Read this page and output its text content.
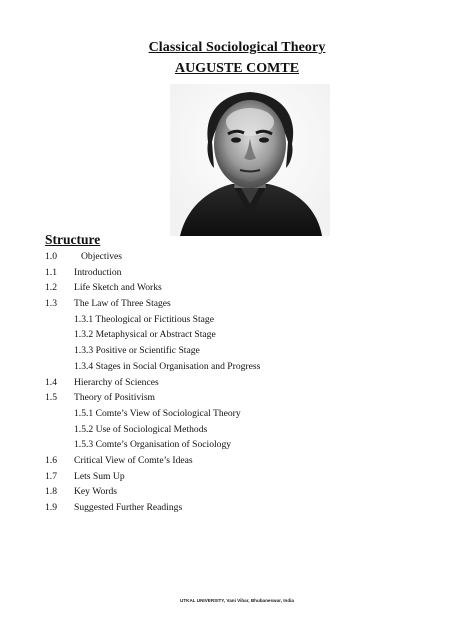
Classical Sociological Theory
AUGUSTE COMTE
Structure
1.0	Objectives
1.1 Introduction
1.2 Life Sketch and Works
1.3 The Law of Three Stages
1.3.1 Theological or Fictitious Stage
1.3.2 Metaphysical or Abstract Stage
1.3.3 Positive or Scientific Stage
1.3.4 Stages in Social Organisation and Progress
1.4 Hierarchy of Sciences
1.5 Theory of Positivism
1.5.1 Comte’s View of Sociological Theory
1.5.2 Use of Sociological Methods
1.5.3 Comte’s Organisation of Sociology
1.6 Critical View of Comte’s Ideas
1.7 Lets Sum Up
1.8 Key Words
1.9 Suggested Further Readings
UTKAL UNIVERSITY, Vani Vihar, Bhubaneswar, India
